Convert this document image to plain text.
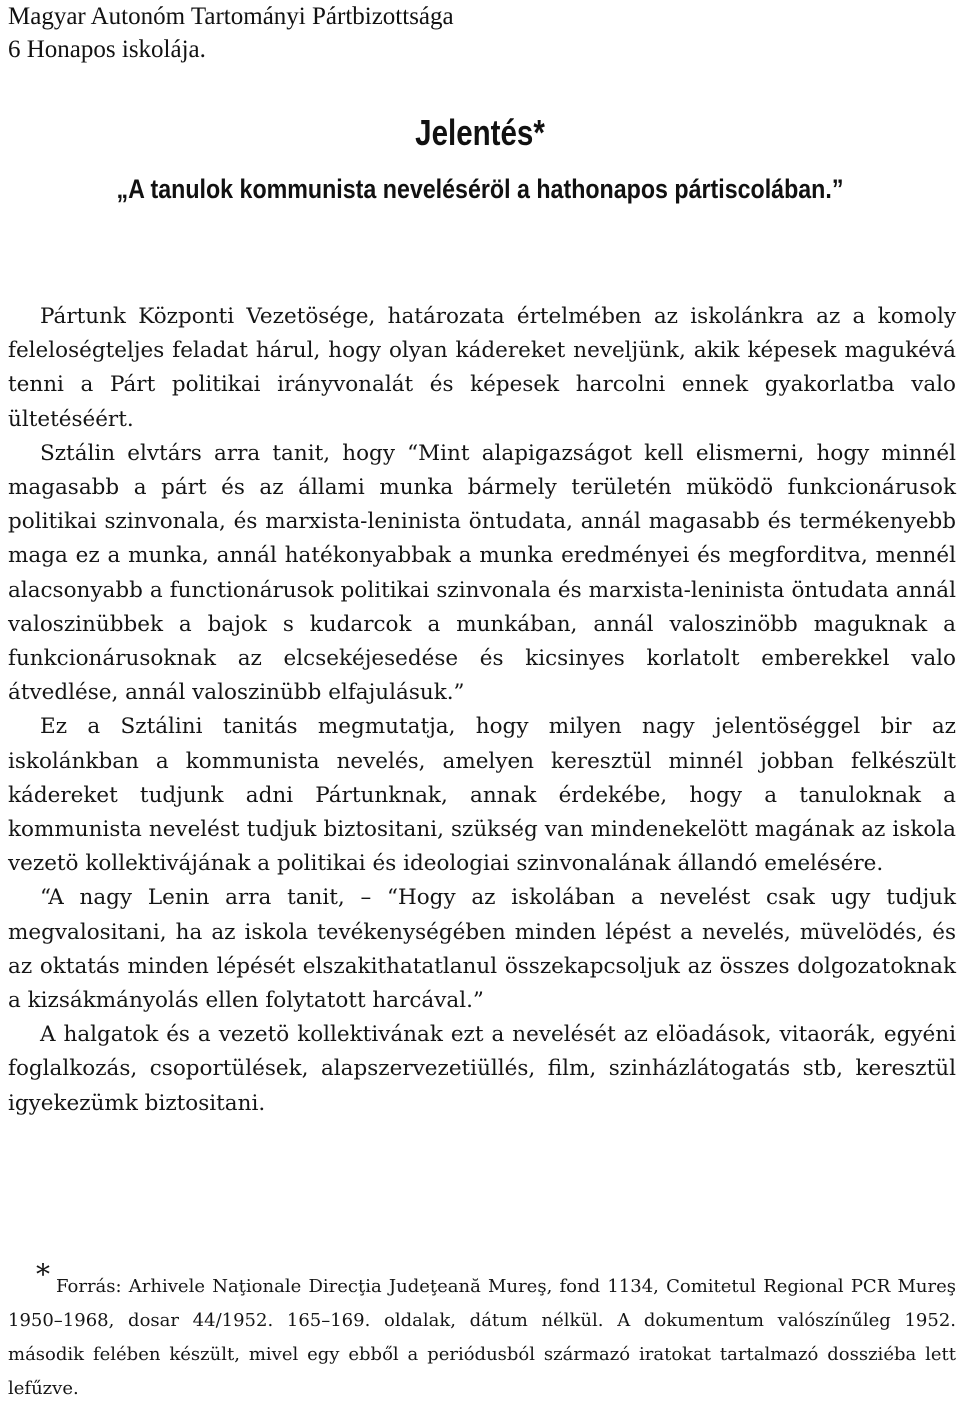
Magyar Autonóm Tartományi Pártbizottsága
6 Honapos iskolája.
Jelentés*
„A tanulok kommunista neveléséröl a hathonapos pártiscolában.”

Pártunk Központi Vezetösége, határozata értelmében az iskolánkra az a komoly feleloségteljes feladat hárul, hogy olyan kádereket neveljünk, akik képesek magukévá tenni a Párt politikai irányvonalát és képesek harcolni ennek gyakorlatba valo ültetéséért.

Sztálin elvtárs arra tanit, hogy “Mint alapigazságot kell elismerni, hogy minnél magasabb a párt és az állami munka bármely területén müködö funkcionárusok politikai szinvonala, és marxista-leninista öntudata, annál magasabb és termékenyebb maga ez a munka, annál hatékonyabbak a munka eredményei és megforditva, mennél alacsonyabb a functionárusok politikai szinvonala és marxista-leninista öntudata annál valoszinübbek a bajok s kudarcok a munkában, annál valoszinöbb maguknak a funkcionárusoknak az elcsekéjesedése és kicsinyes korlatolt emberekkel valo átvedlése, annál valoszinübb elfajulásuk.”

Ez a Sztálini tanitás megmutatja, hogy milyen nagy jelentöséggel bir az iskolánkban a kommunista nevelés, amelyen keresztül minnél jobban felkészült kádereket tudjunk adni Pártunknak, annak érdekébe, hogy a tanuloknak a kommunista nevelést tudjuk biztositani, szükség van mindenekelött magának az iskola vezetö kollektivájának a politikai és ideologiai szinvonalának állandó emelésére.

“A nagy Lenin arra tanit, – “Hogy az iskolában a nevelést csak ugy tudjuk megvalositani, ha az iskola tevékenységében minden lépést a nevelés, müvelödés, és az oktatás minden lépését elszakithatatlanul összekapcsoljuk az összes dolgozatoknak a kizsákmányolás ellen folytatott harcával.”

A halgatok és a vezetö kollektivának ezt a nevelését az elöadások, vitaorák, egyéni foglalkozás, csoportülések, alapszervezetiüllés, film, szinházlátogatás stb, keresztül igyekezümk biztositani.

* Forrás: Arhivele Naţionale Direcţia Judeţeană Mureş, fond 1134, Comitetul Regional PCR Mureş 1950–1968, dosar 44/1952. 165–169. oldalak, dátum nélkül. A dokumentum valószínűleg 1952. második felében készült, mivel egy ebből a periódusból származó iratokat tartalmazó dossziéba lett lefűzve.
